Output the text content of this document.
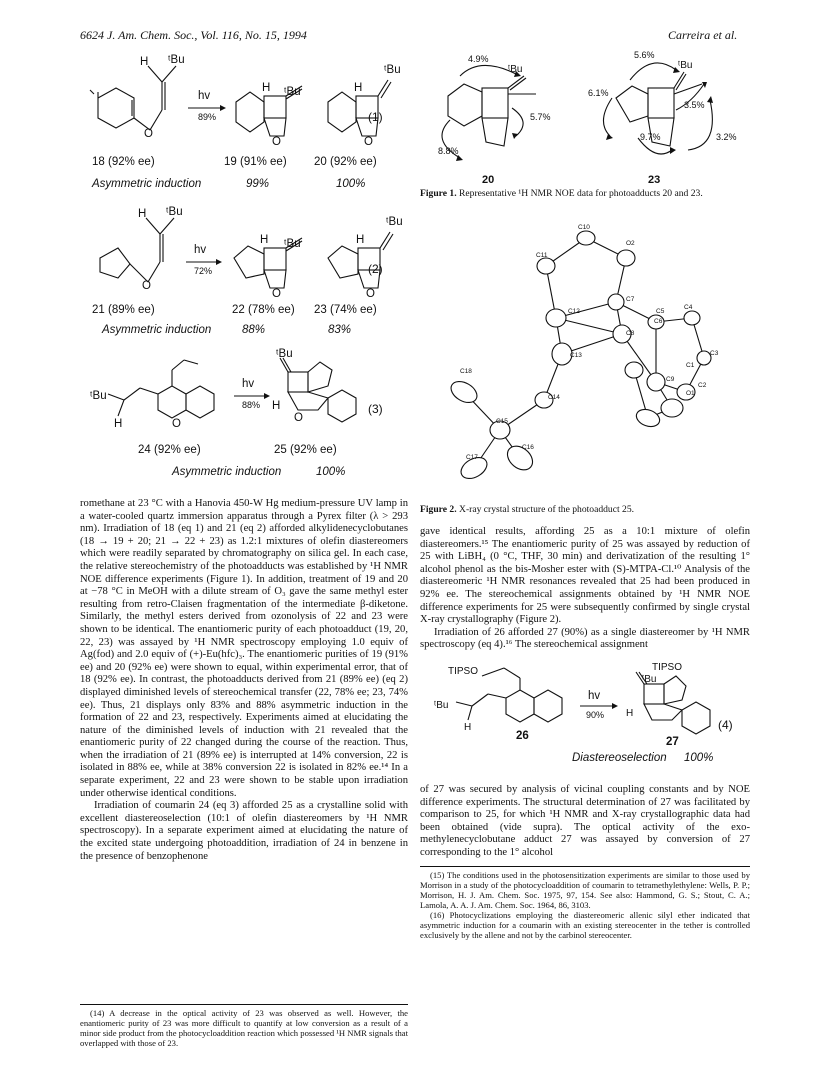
6624 J. Am. Chem. Soc., Vol. 116, No. 15, 1994	Carreira et al.
H ᵗBu
O
H ᵗBu
O
H
ᵗBu
O
hv
89%
18 (92% ee)	19 (91% ee) 20 (92% ee)
Asymmetric induction	99%	100%
(1)
H ᵗBu
O
H ᵗBu
O
H
ᵗBu
O
hv
72%
21 (89% ee)	22 (78% ee) 23 (74% ee)
Asymmetric induction	88%	83%
(2)
ᵗBu
H	O
ᵗBu
H
O
hv
88%
24 (92% ee)	25 (92% ee)
Asymmetric induction	100%
(3)

romethane at 23 °C with a Hanovia 450-W Hg medium-pressure UV lamp in a water-cooled quartz immersion apparatus through a Pyrex filter (λ > 293 nm). Irradiation of 18 (eq 1) and 21 (eq 2) afforded alkylidenecyclobutanes (18 → 19 + 20; 21 → 22 + 23) as 1.2:1 mixtures of olefin diastereomers which were readily separated by chromatography on silica gel. In each case, the relative stereochemistry of the photoadducts was established by ¹H NMR NOE difference experiments (Figure 1). In addition, treatment of 19 and 20 at −78 °C in MeOH with a dilute stream of O₃ gave the same methyl ester resulting from retro-Claisen fragmentation of the intermediate β-diketone. Similarly, the methyl esters derived from ozonolysis of 22 and 23 were shown to be identical. The enantiomeric purity of each photoadduct (19, 20, 22, 23) was assayed by ¹H NMR spectroscopy employing 1.0 equiv of Ag(fod) and 2.0 equiv of (+)-Eu(hfc)₃. The enantiomeric purities of 19 (91% ee) and 20 (92% ee) were shown to equal, within experimental error, that of 18 (92% ee). In contrast, the photoadducts derived from 21 (89% ee) (eq 2) displayed diminished levels of stereochemical transfer (22, 78% ee; 23, 74% ee). Thus, 21 displays only 83% and 88% asymmetric induction in the formation of 22 and 23, respectively. Experiments aimed at elucidating the nature of the diminished levels of induction with 21 revealed that the enantiomeric purity of 22 changed during the course of the reaction. Thus, when the irradiation of 21 (89% ee) is interrupted at 14% conversion, 22 is isolated in 88% ee, while at 38% conversion 22 is isolated in 82% ee.¹⁴ In a separate experiment, 22 and 23 were shown to be stable upon irradiation under otherwise identical conditions.

Irradiation of coumarin 24 (eq 3) afforded 25 as a crystalline solid with excellent diastereoselection (10:1 of olefin diastereomers by ¹H NMR spectroscopy). In a separate experiment aimed at elucidating the nature of the excited state undergoing photoaddition, irradiation of 24 in benzene in the presence of benzophenone

(14) A decrease in the optical activity of 23 was observed as well. However, the enantiomeric purity of 23 was more difficult to quantify at low conversion as a result of a minor side product from the photocycloaddition reaction which possessed ¹H NMR signals that overlapped with those of 23.

4.9%
5.7%
8.8%
5.6%
6.1%
3.5%
9.7%	3.2%
ᵗBu	ᵗBu
20	23
Figure 1. Representative ¹H NMR NOE data for photoadducts 20 and 23.
C10
O2
C11
C7
C5
C4
C12
C8
C6
C3
C1
C13
C9
C2
O1
C18
C14
C15
C16
C17
Figure 2. X-ray crystal structure of the photoadduct 25.

gave identical results, affording 25 as a 10:1 mixture of olefin diastereomers.¹⁵ The enantiomeric purity of 25 was assayed by reduction of 25 with LiBH₄ (0 °C, THF, 30 min) and derivatization of the resulting 1° alcohol phenol as the bis-Mosher ester with (S)-MTPA-Cl.¹⁰ Analysis of the diastereomeric ¹H NMR resonances revealed that 25 had been produced in 92% ee. The stereochemical assignments obtained by ¹H NMR NOE difference experiments for 25 were subsequently confirmed by single crystal X-ray crystallography (Figure 2).

Irradiation of 26 afforded 27 (90%) as a single diastereomer by ¹H NMR spectroscopy (eq 4).¹⁶ The stereochemical assignment

TIPSO
ᵗBu
H
TIPSO
ᵗBu
H
hv
90%
26	27
Diastereoselection 100%
(4)

of 27 was secured by analysis of vicinal coupling constants and by NOE difference experiments. The structural determination of 27 was facilitated by comparison to 25, for which ¹H NMR and X-ray crystallographic data had been obtained (vide supra). The optical activity of the exo-methylenecyclobutane adduct 27 was assayed by conversion of 27 corresponding to the 1° alcohol

(15) The conditions used in the photosensitization experiments are similar to those used by Morrison in a study of the photocycloaddition of coumarin to tetramethylethylene: Wells, P. P.; Morrison, H. J. Am. Chem. Soc. 1975, 97, 154. See also: Hammond, G. S.; Stout, C. A.; Lamola, A. A. J. Am. Chem. Soc. 1964, 86, 3103.

(16) Photocyclizations employing the diastereomeric allenic silyl ether indicated that asymmetric induction for a coumarin with an existing stereocenter in the tether is controlled exclusively by the allene and not by the carbinol stereocenter.
